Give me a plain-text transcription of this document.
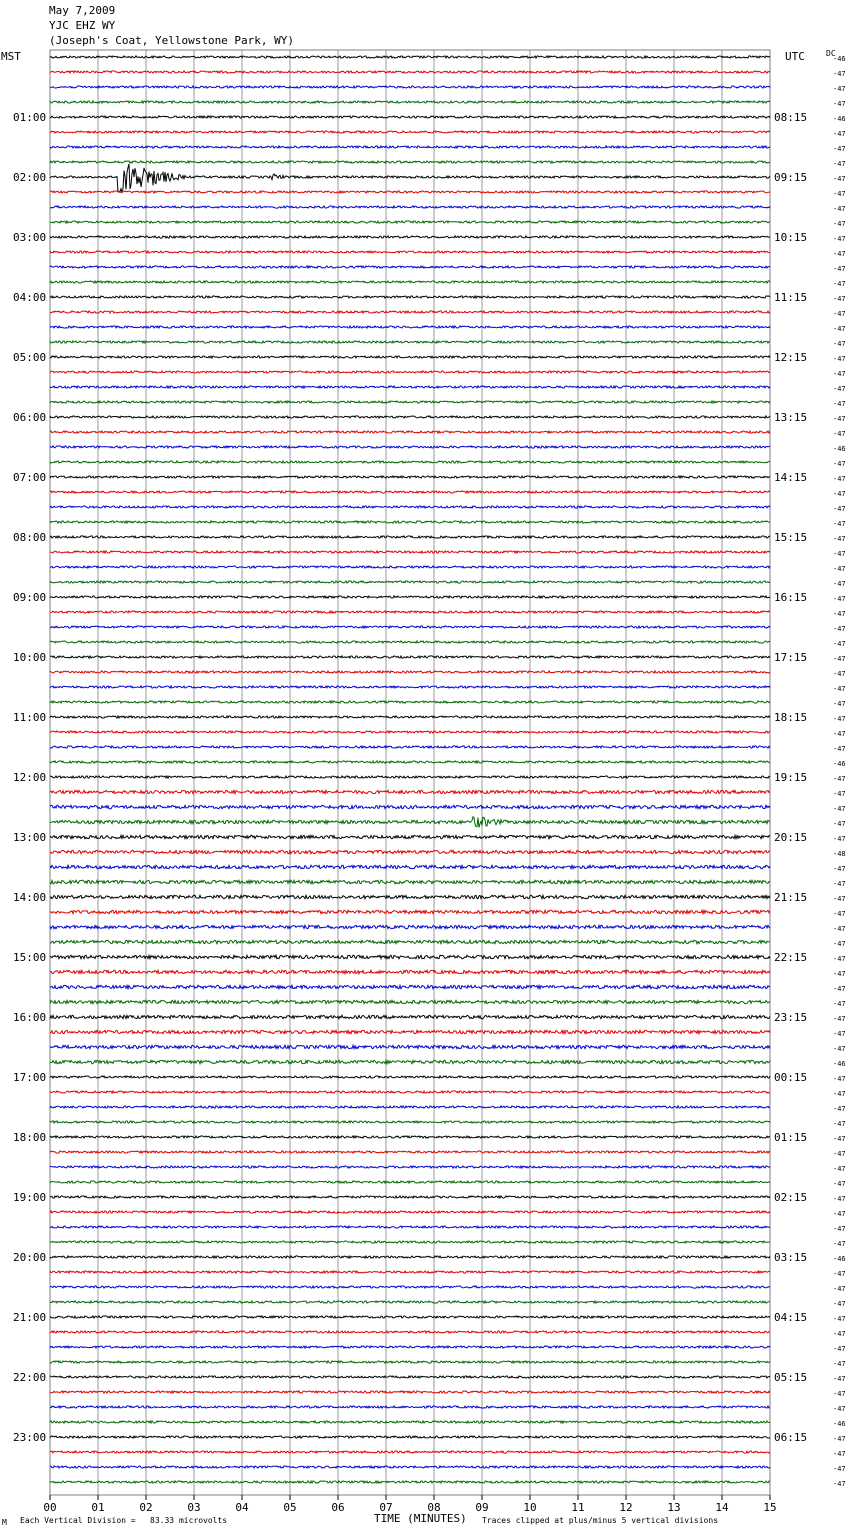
May 7,2009
YJC EHZ WY
(Joseph's Coat, Yellowstone Park, WY)
MST	UTC	DC
00	01	02	03	04	05	06	07	08	09	10	11	12	13	14	15
-46
-47
-47
-47
-46
01:00	08:15
-47
-47
-47
-47
02:00	09:15
-47
-47
-47
-47
03:00	10:15
-47
-47
-47
-47
04:00	11:15
-47
-47
-47
-47
05:00	12:15
-47
-47
-47
-47
06:00	13:15
-47
-46
-47
-47
07:00	14:15
-47
-47
-47
-47
08:00	15:15
-47
-47
-47
-47
09:00	16:15
-47
-47
-47
-47
10:00	17:15
-47
-47
-47
-47
11:00	18:15
-47
-47
-46
-47
12:00	19:15
-47
-47
-47
-47
13:00	20:15
-48
-47
-47
-47
14:00	21:15
-47
-47
-47
-47
15:00	22:15
-47
-47
-47
-47
16:00	23:15
-47
-47
-46
-47
17:00	00:15
-47
-47
-47
-47
18:00	01:15
-47
-47
-47
-47
19:00	02:15
-47
-47
-47
-46
20:00	03:15
-47
-47
-47
-47
21:00	04:15
-47
-47
-47
-47
22:00	05:15
-47
-47
-46
-47
23:00	06:15
-47
-47
-47
TIME (MINUTES)
Each Vertical Division =   83.33 microvolts	Traces clipped at plus/minus 5 vertical divisions
M
